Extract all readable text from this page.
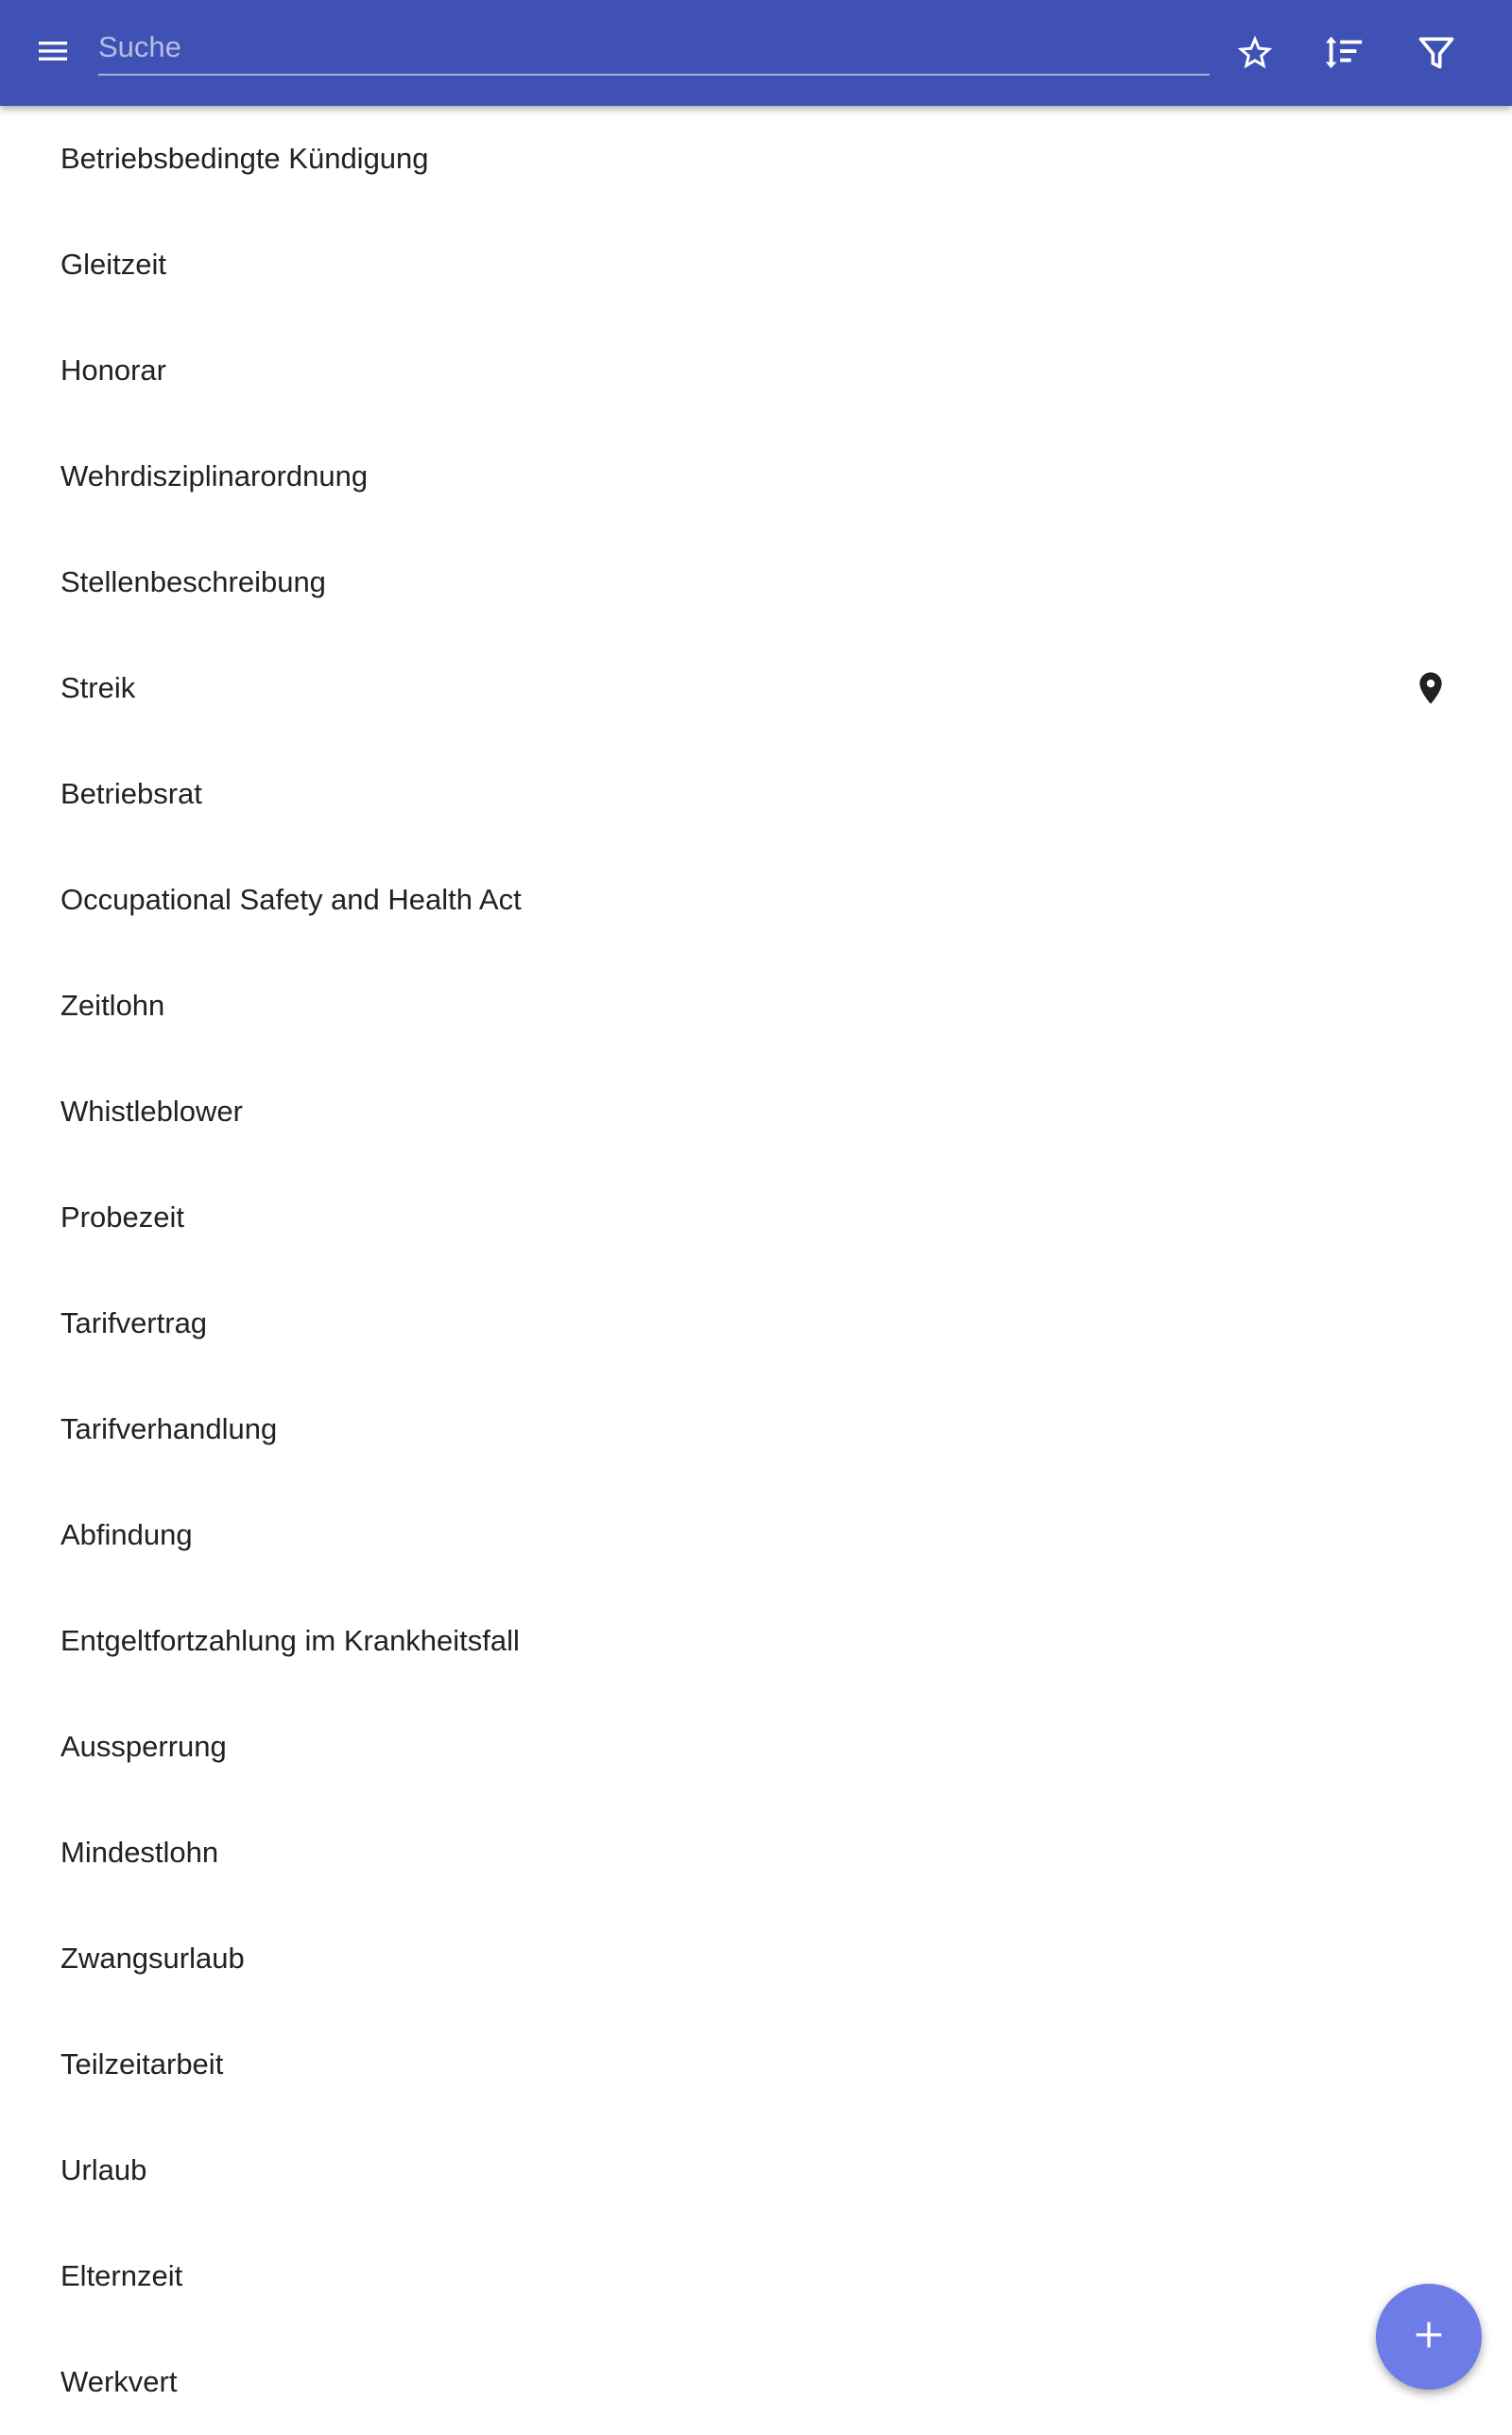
Suche
Betriebsbedingte Kündigung
Gleitzeit
Honorar
Wehrdisziplinarordnung
Stellenbeschreibung
Streik
Betriebsrat
Occupational Safety and Health Act
Zeitlohn
Whistleblower
Probezeit
Tarifvertrag
Tarifverhandlung
Abfindung
Entgeltfortzahlung im Krankheitsfall
Aussperrung
Mindestlohn
Zwangsurlaub
Teilzeitarbeit
Urlaub
Elternzeit
Werkvert
